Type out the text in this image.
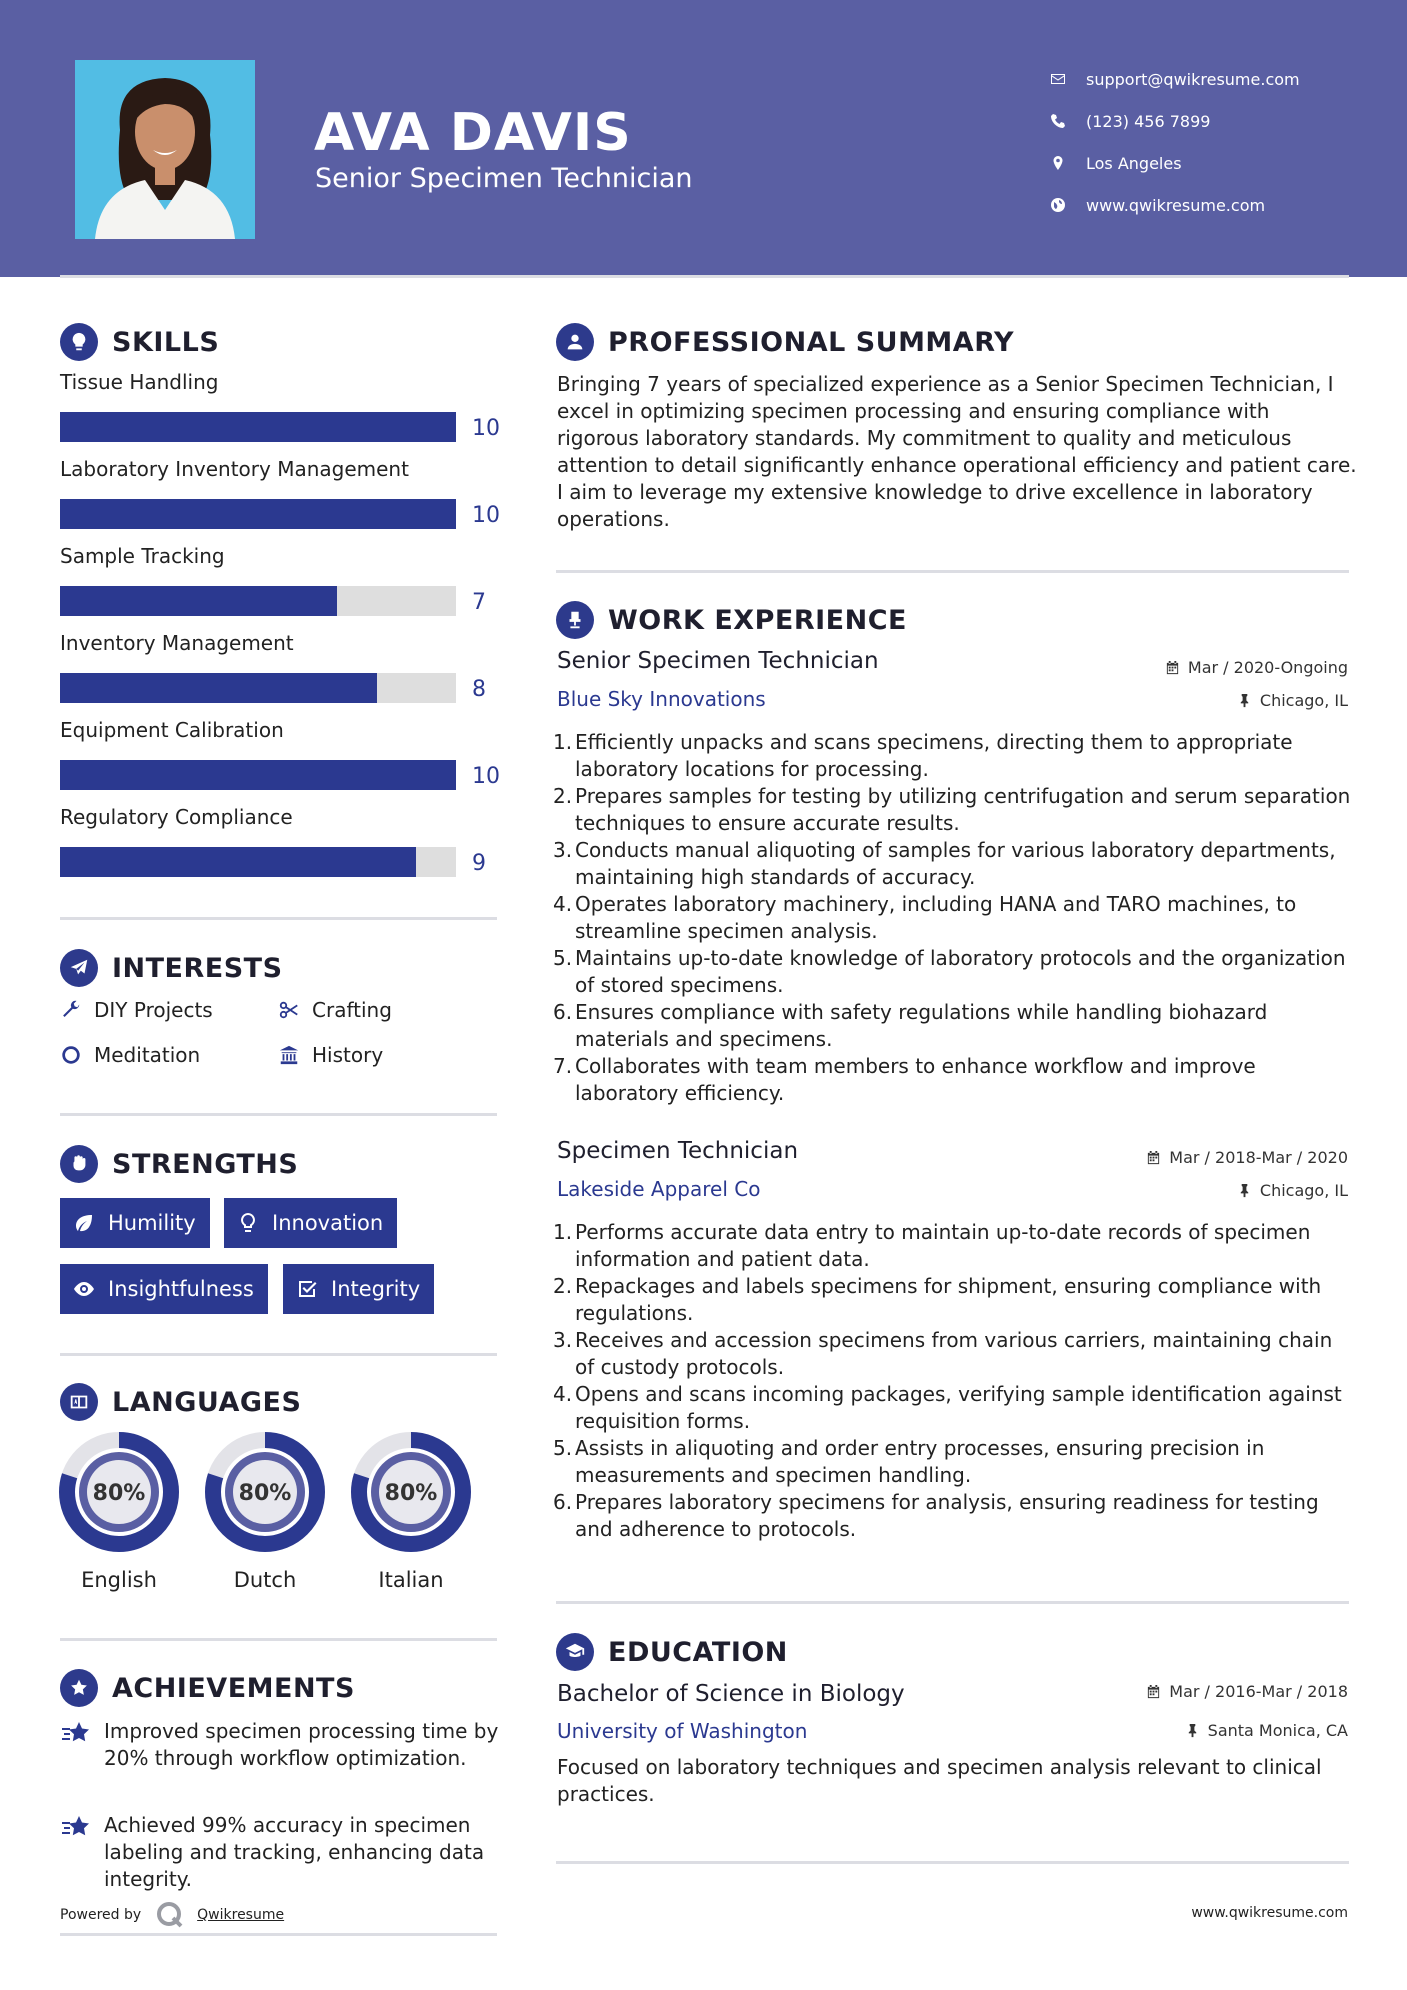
AVA DAVIS
Senior Specimen Technician
support@qwikresume.com
(123) 456 7899
Los Angeles
www.qwikresume.com
SKILLS
Tissue Handling
10
Laboratory Inventory Management
10
Sample Tracking
7
Inventory Management
8
Equipment Calibration
10
Regulatory Compliance
9
INTERESTS
DIY Projects	Crafting
Meditation	History
STRENGTHS
Humility	Innovation
Insightfulness	Integrity
LANGUAGES
80%
English
80%
Dutch
80%
Italian
ACHIEVEMENTS
Improved specimen processing time by 20% through workflow optimization.
Achieved 99% accuracy in specimen labeling and tracking, enhancing data integrity.
Powered by	Qwikresume
PROFESSIONAL SUMMARY
Bringing 7 years of specialized experience as a Senior Specimen Technician, I excel in optimizing specimen processing and ensuring compliance with rigorous laboratory standards. My commitment to quality and meticulous attention to detail significantly enhance operational efficiency and patient care. I aim to leverage my extensive knowledge to drive excellence in laboratory operations.
WORK EXPERIENCE
Senior Specimen Technician	Mar / 2020-Ongoing
Blue Sky Innovations	Chicago, IL
1. Efficiently unpacks and scans specimens, directing them to appropriate laboratory locations for processing.
2. Prepares samples for testing by utilizing centrifugation and serum separation techniques to ensure accurate results.
3. Conducts manual aliquoting of samples for various laboratory departments, maintaining high standards of accuracy.
4. Operates laboratory machinery, including HANA and TARO machines, to streamline specimen analysis.
5. Maintains up-to-date knowledge of laboratory protocols and the organization of stored specimens.
6. Ensures compliance with safety regulations while handling biohazard materials and specimens.
7. Collaborates with team members to enhance workflow and improve laboratory efficiency.
Specimen Technician	Mar / 2018-Mar / 2020
Lakeside Apparel Co	Chicago, IL
1. Performs accurate data entry to maintain up-to-date records of specimen information and patient data.
2. Repackages and labels specimens for shipment, ensuring compliance with regulations.
3. Receives and accession specimens from various carriers, maintaining chain of custody protocols.
4. Opens and scans incoming packages, verifying sample identification against requisition forms.
5. Assists in aliquoting and order entry processes, ensuring precision in measurements and specimen handling.
6. Prepares laboratory specimens for analysis, ensuring readiness for testing and adherence to protocols.
EDUCATION
Bachelor of Science in Biology	Mar / 2016-Mar / 2018
University of Washington	Santa Monica, CA
Focused on laboratory techniques and specimen analysis relevant to clinical practices.
www.qwikresume.com
